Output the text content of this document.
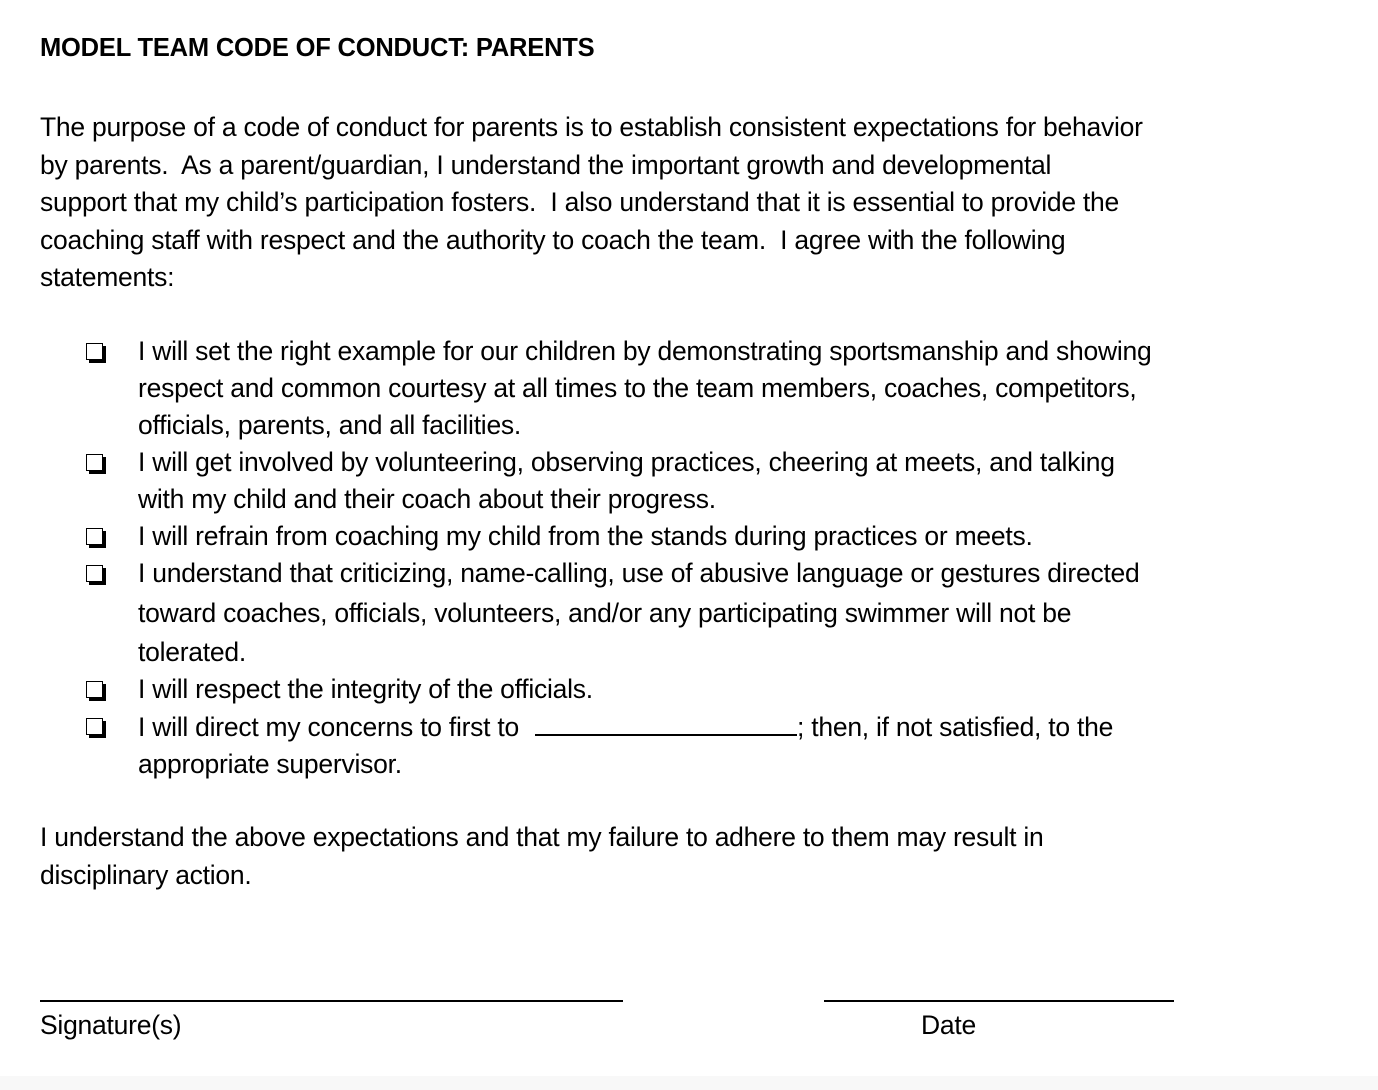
MODEL TEAM CODE OF CONDUCT: PARENTS
The purpose of a code of conduct for parents is to establish consistent expectations for behavior
by parents.  As a parent/guardian, I understand the important growth and developmental
support that my child’s participation fosters.  I also understand that it is essential to provide the
coaching staff with respect and the authority to coach the team.  I agree with the following
statements:
I will set the right example for our children by demonstrating sportsmanship and showing
respect and common courtesy at all times to the team members, coaches, competitors,
officials, parents, and all facilities.
I will get involved by volunteering, observing practices, cheering at meets, and talking
with my child and their coach about their progress.
I will refrain from coaching my child from the stands during practices or meets.
I understand that criticizing, name-calling, use of abusive language or gestures directed
toward coaches, officials, volunteers, and/or any participating swimmer will not be
tolerated.
I will respect the integrity of the officials.
I will direct my concerns to first to	; then, if not satisfied, to the
appropriate supervisor.
I understand the above expectations and that my failure to adhere to them may result in
disciplinary action.
Signature(s)	Date
